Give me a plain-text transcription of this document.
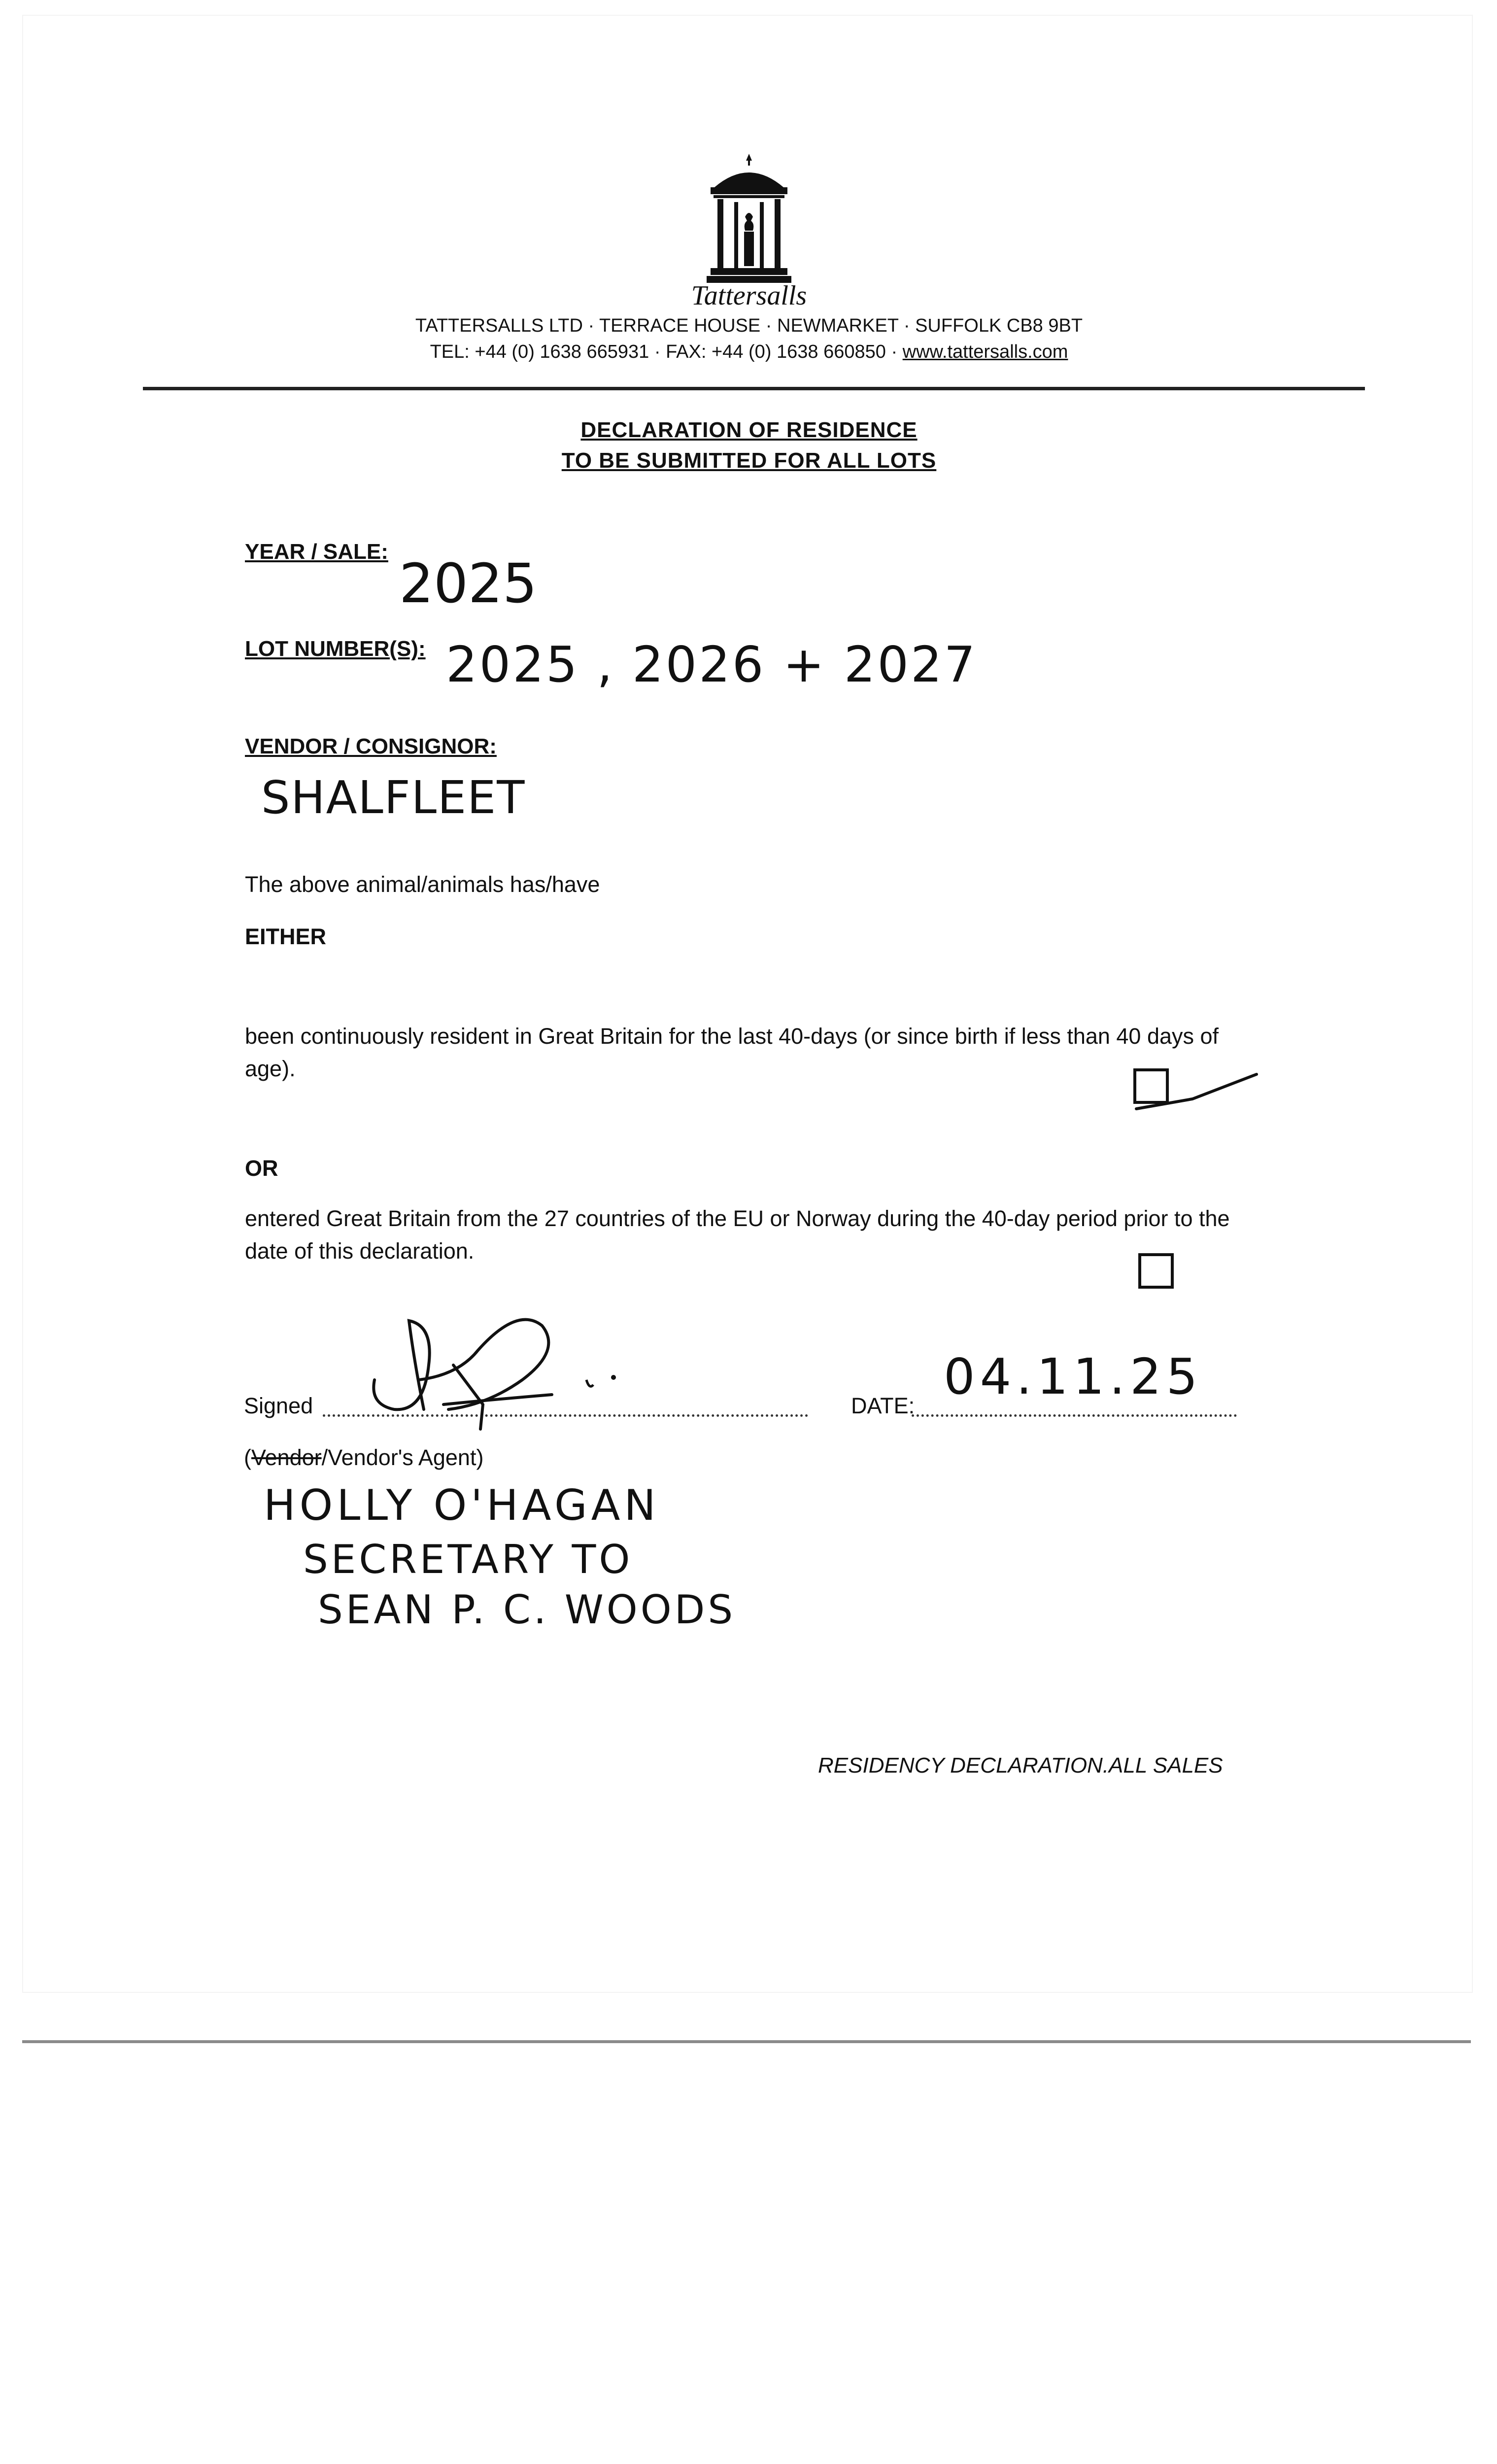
Tattersalls
TATTERSALLS LTD · TERRACE HOUSE · NEWMARKET · SUFFOLK CB8 9BT
TEL: +44 (0) 1638 665931 · FAX: +44 (0) 1638 660850 · www.tattersalls.com
DECLARATION OF RESIDENCE
TO BE SUBMITTED FOR ALL LOTS
YEAR / SALE:
2025
LOT NUMBER(S): 2025 , 2026 + 2027
VENDOR / CONSIGNOR:
SHALFLEET
The above animal/animals has/have
EITHER
been continuously resident in Great Britain for the last 40-days (or since birth if less than 40 days of age).
OR
entered Great Britain from the 27 countries of the EU or Norway during the 40-day period prior to the date of this declaration.
Signed	DATE:
04.11.25
(Vendor/Vendor's Agent)
HOLLY O'HAGAN
SECRETARY TO
SEAN P. C. WOODS
RESIDENCY DECLARATION.ALL SALES
